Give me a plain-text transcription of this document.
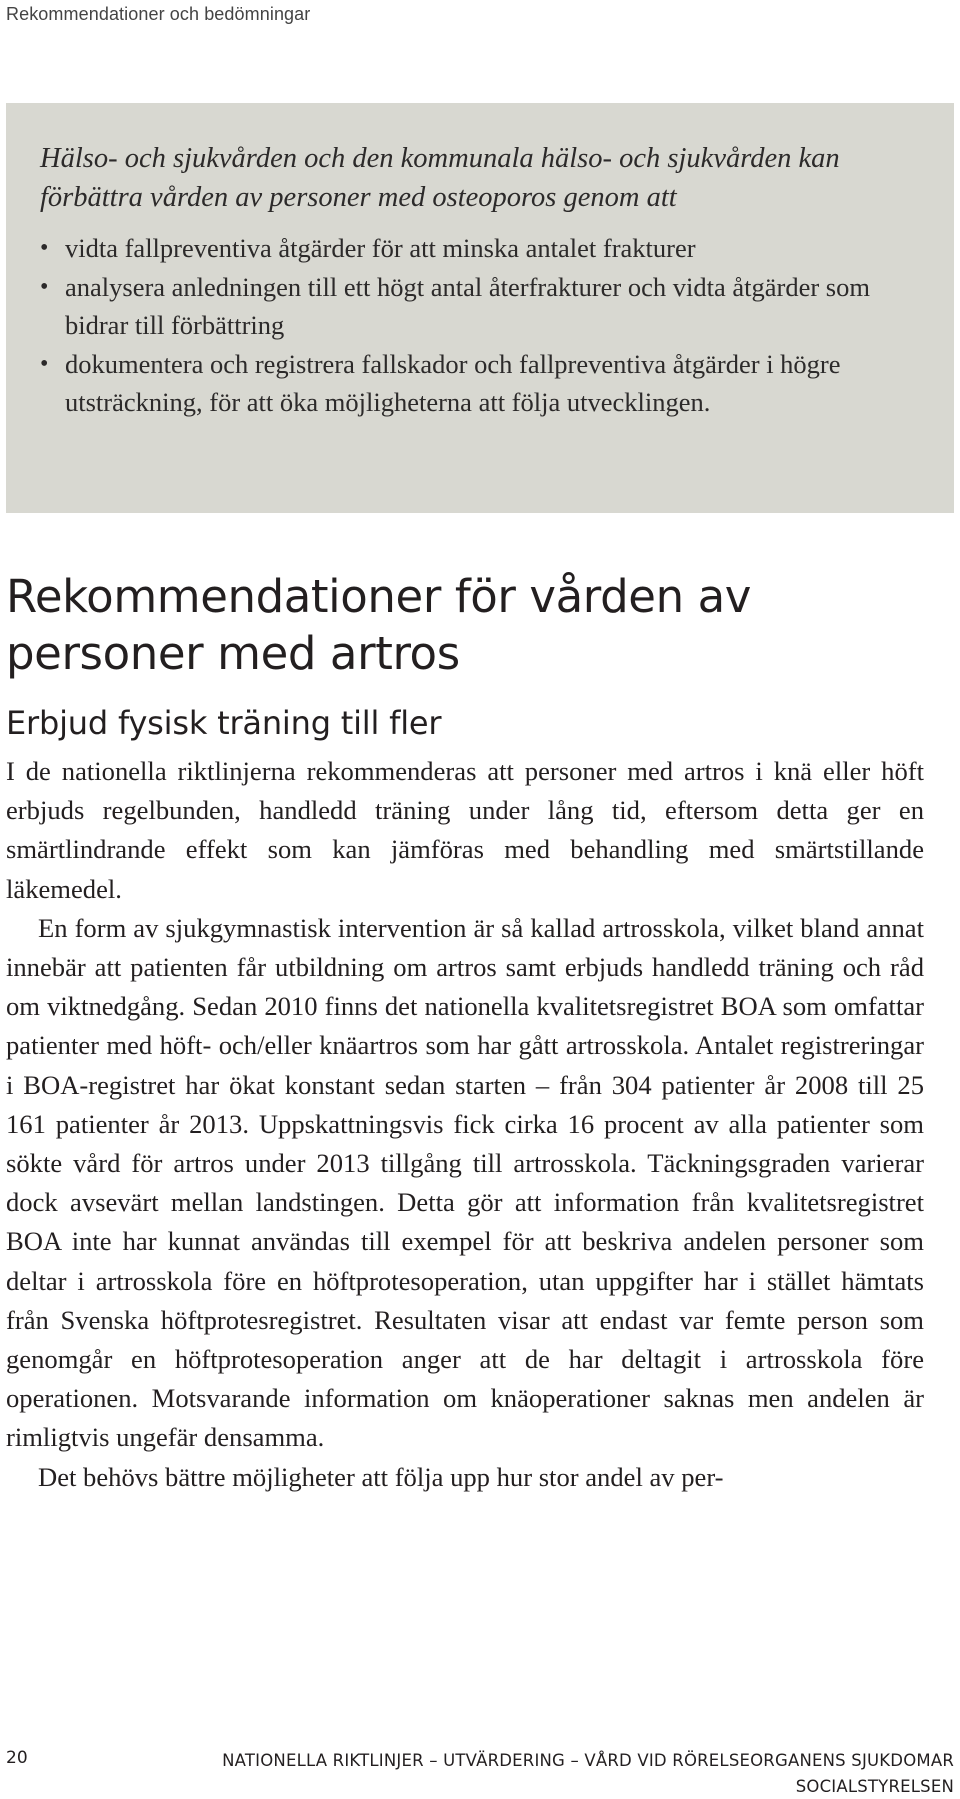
Rekommendationer och bedömningar

Hälso- och sjukvården och den kommunala hälso- och sjukvården kan förbättra vården av personer med osteoporos genom att

• vidta fallpreventiva åtgärder för att minska antalet frakturer
• analysera anledningen till ett högt antal återfrakturer och vidta åtgärder som bidrar till förbättring
• dokumentera och registrera fallskador och fallpreventiva åtgärder i högre utsträckning, för att öka möjligheterna att följa utvecklingen.
Rekommendationer för vården av personer med artros
Erbjud fysisk träning till fler

I de nationella riktlinjerna rekommenderas att personer med artros i knä eller höft erbjuds regelbunden, handledd träning under lång tid, eftersom detta ger en smärtlindrande effekt som kan jämföras med behandling med smärtstillande läkemedel.

En form av sjukgymnastisk intervention är så kallad artrosskola, vilket bland annat innebär att patienten får utbildning om artros samt erbjuds handledd träning och råd om viktnedgång. Sedan 2010 finns det nationella kvalitetsregistret BOA som omfattar patienter med höft- och/eller knäartros som har gått artrosskola. Antalet registreringar i BOA-registret har ökat konstant sedan starten – från 304 patienter år 2008 till 25 161 patienter år 2013. Uppskattningsvis fick cirka 16 procent av alla patienter som sökte vård för artros under 2013 tillgång till artrosskola. Täckningsgraden varierar dock avsevärt mellan landstingen. Detta gör att information från kvalitetsregistret BOA inte har kunnat användas till exempel för att beskriva andelen personer som deltar i artrosskola före en höftprotesoperation, utan uppgifter har i stället hämtats från Svenska höftprotesregistret. Resultaten visar att endast var femte person som genomgår en höftprotesoperation anger att de har deltagit i artrosskola före operationen. Motsvarande information om knäoperationer saknas men andelen är rimligtvis ungefär densamma.

Det behövs bättre möjligheter att följa upp hur stor andel av per-

20	NATIONELLA RIKTLINJER – UTVÄRDERING – VÅRD VID RÖRELSEORGANENS SJUKDOMAR
SOCIALSTYRELSEN
